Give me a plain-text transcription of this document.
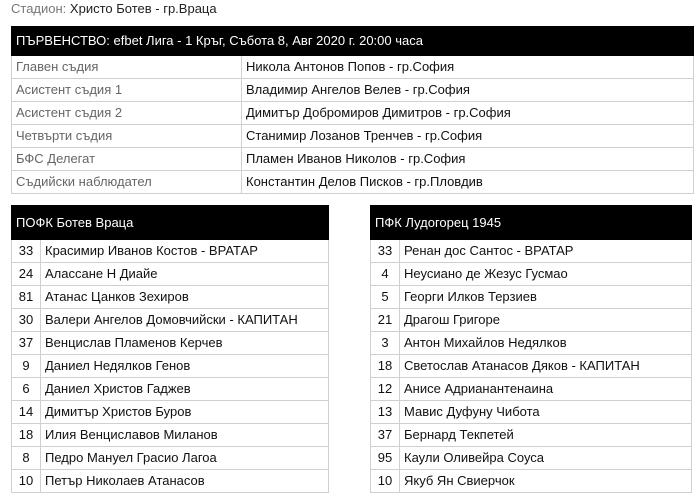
Стадион: Христо Ботев - гр.Враца
ПЪРВЕНСТВО: efbet Лига - 1 Кръг, Събота 8, Авг 2020 г. 20:00 часа	
Главен съдия	Никола Антонов Попов - гр.София
Асистент съдия 1	Владимир Ангелов Велев - гр.София
Асистент съдия 2	Димитър Добромиров Димитров - гр.София
Четвърти съдия	Станимир Лозанов Тренчев - гр.София
БФС Делегат	Пламен Иванов Николов - гр.София
Съдийски наблюдател	Константин Делов Писков - гр.Пловдив
ПОФК Ботев Враца	
33	Красимир Иванов Костов - ВРАТАР
24	Алассане Н Диайе
81	Атанас Цанков Зехиров
30	Валери Ангелов Домовчийски - КАПИТАН
37	Венцислав Пламенов Керчев
9	Даниел Недялков Генов
6	Даниел Христов Гаджев
14	Димитър Христов Буров
18	Илия Венциславов Миланов
8	Педро Мануел Грасио Лагоа
10	Петър Николаев Атанасов
ПФК Лудогорец 1945	
33	Ренан дос Сантос - ВРАТАР
4	Неусиано де Жезус Гусмао
5	Георги Илков Терзиев
21	Драгош Григоре
3	Антон Михайлов Недялков
18	Светослав Атанасов Дяков - КАПИТАН
12	Анисе Адрианантенаина
13	Мавис Дуфуну Чибота
37	Бернард Текпетей
95	Каули Оливейра Соуса
10	Якуб Ян Свиерчок
